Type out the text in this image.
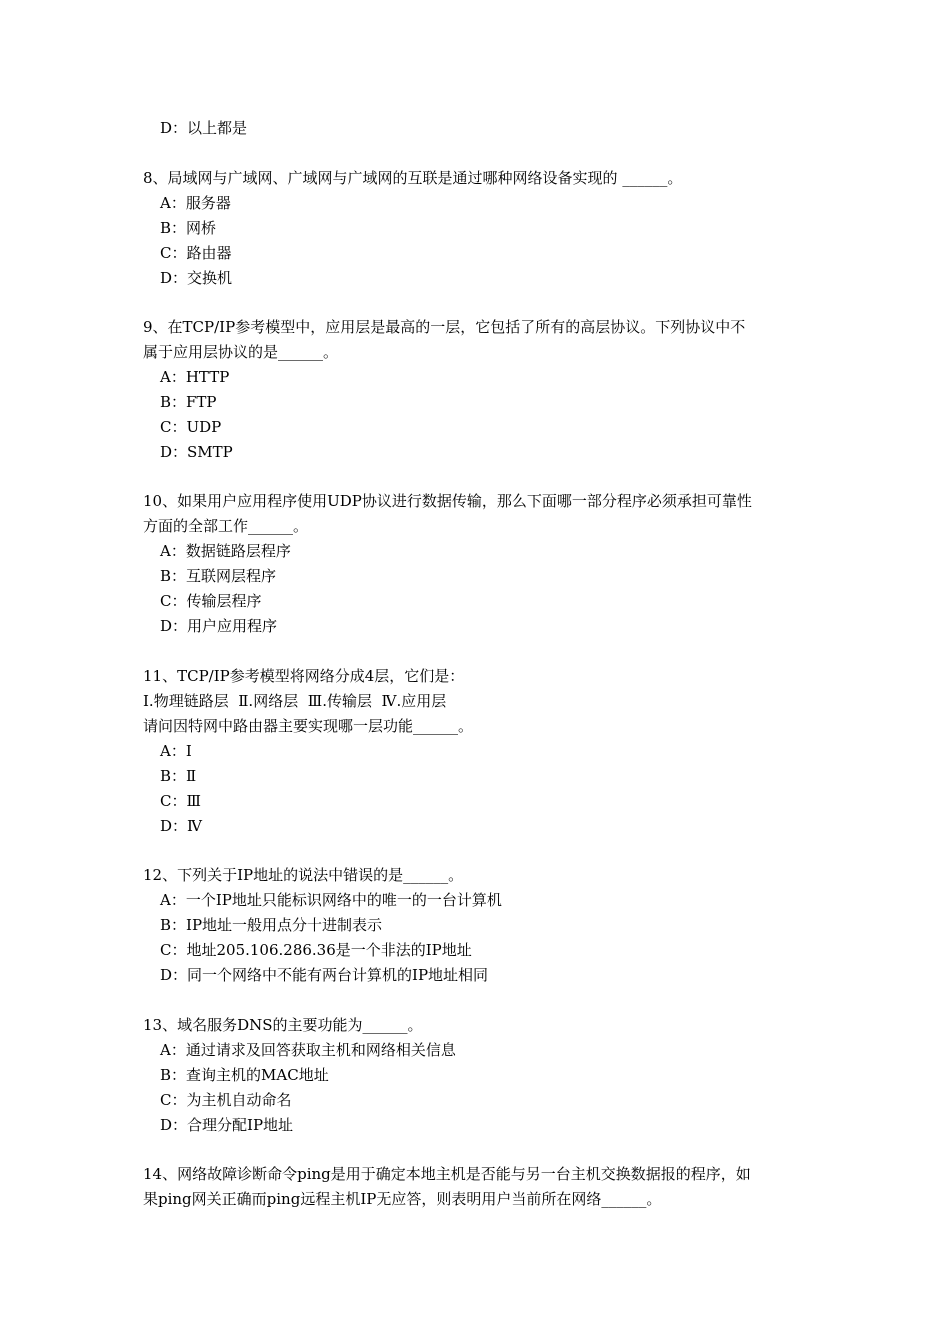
D：以上都是
8、局域网与广域网、广域网与广域网的互联是通过哪种网络设备实现的 ______。
A：服务器
B：网桥
C：路由器
D：交换机
9、在TCP/IP参考模型中，应用层是最高的一层，它包括了所有的高层协议。下列协议中不
属于应用层协议的是______。
A：HTTP
B：FTP
C：UDP
D：SMTP
10、如果用户应用程序使用UDP协议进行数据传输，那么下面哪一部分程序必须承担可靠性
方面的全部工作______。
A：数据链路层程序
B：互联网层程序
C：传输层程序
D：用户应用程序
11、TCP/IP参考模型将网络分成4层，它们是：
Ⅰ.物理链路层  Ⅱ.网络层  Ⅲ.传输层  Ⅳ.应用层
请问因特网中路由器主要实现哪一层功能______。
A：Ⅰ
B：Ⅱ
C：Ⅲ
D：Ⅳ
12、下列关于IP地址的说法中错误的是______。
A：一个IP地址只能标识网络中的唯一的一台计算机
B：IP地址一般用点分十进制表示
C：地址205.106.286.36是一个非法的IP地址
D：同一个网络中不能有两台计算机的IP地址相同
13、域名服务DNS的主要功能为______。
A：通过请求及回答获取主机和网络相关信息
B：查询主机的MAC地址
C：为主机自动命名
D：合理分配IP地址
14、网络故障诊断命令ping是用于确定本地主机是否能与另一台主机交换数据报的程序，如
果ping网关正确而ping远程主机IP无应答，则表明用户当前所在网络______。
